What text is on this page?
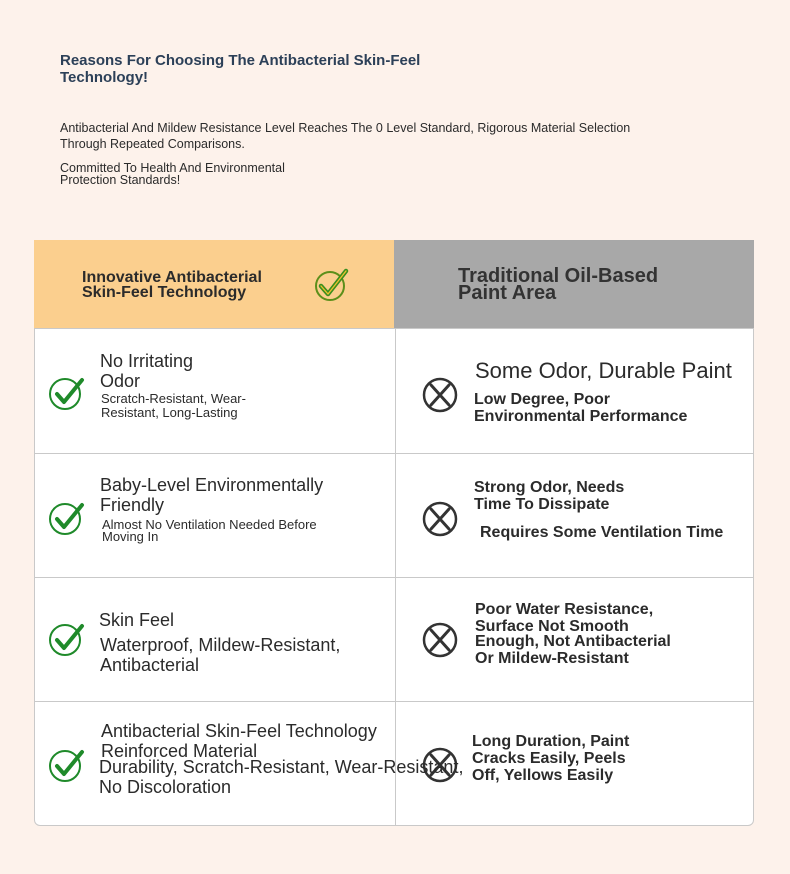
Reasons For Choosing The Antibacterial Skin-Feel Technology!

Antibacterial And Mildew Resistance Level Reaches The 0 Level Standard, Rigorous Material Selection Through Repeated Comparisons.

Committed To Health And Environmental Protection Standards!

Innovative Antibacterial Skin-Feel Technology
Traditional Oil-Based Paint Area
No Irritating Odor
Scratch-Resistant, Wear-Resistant, Long-Lasting
Some Odor, Durable Paint
Low Degree, Poor Environmental Performance
Baby-Level Environmentally Friendly
Almost No Ventilation Needed Before Moving In
Strong Odor, Needs Time To Dissipate
Requires Some Ventilation Time
Skin Feel
Waterproof, Mildew-Resistant, Antibacterial
Poor Water Resistance, Surface Not Smooth
Enough, Not Antibacterial Or Mildew-Resistant
Antibacterial Skin-Feel Technology Reinforced Material
Durability, Scratch-Resistant, Wear-Resistant, No Discoloration
Long Duration, Paint Cracks Easily, Peels Off, Yellows Easily
